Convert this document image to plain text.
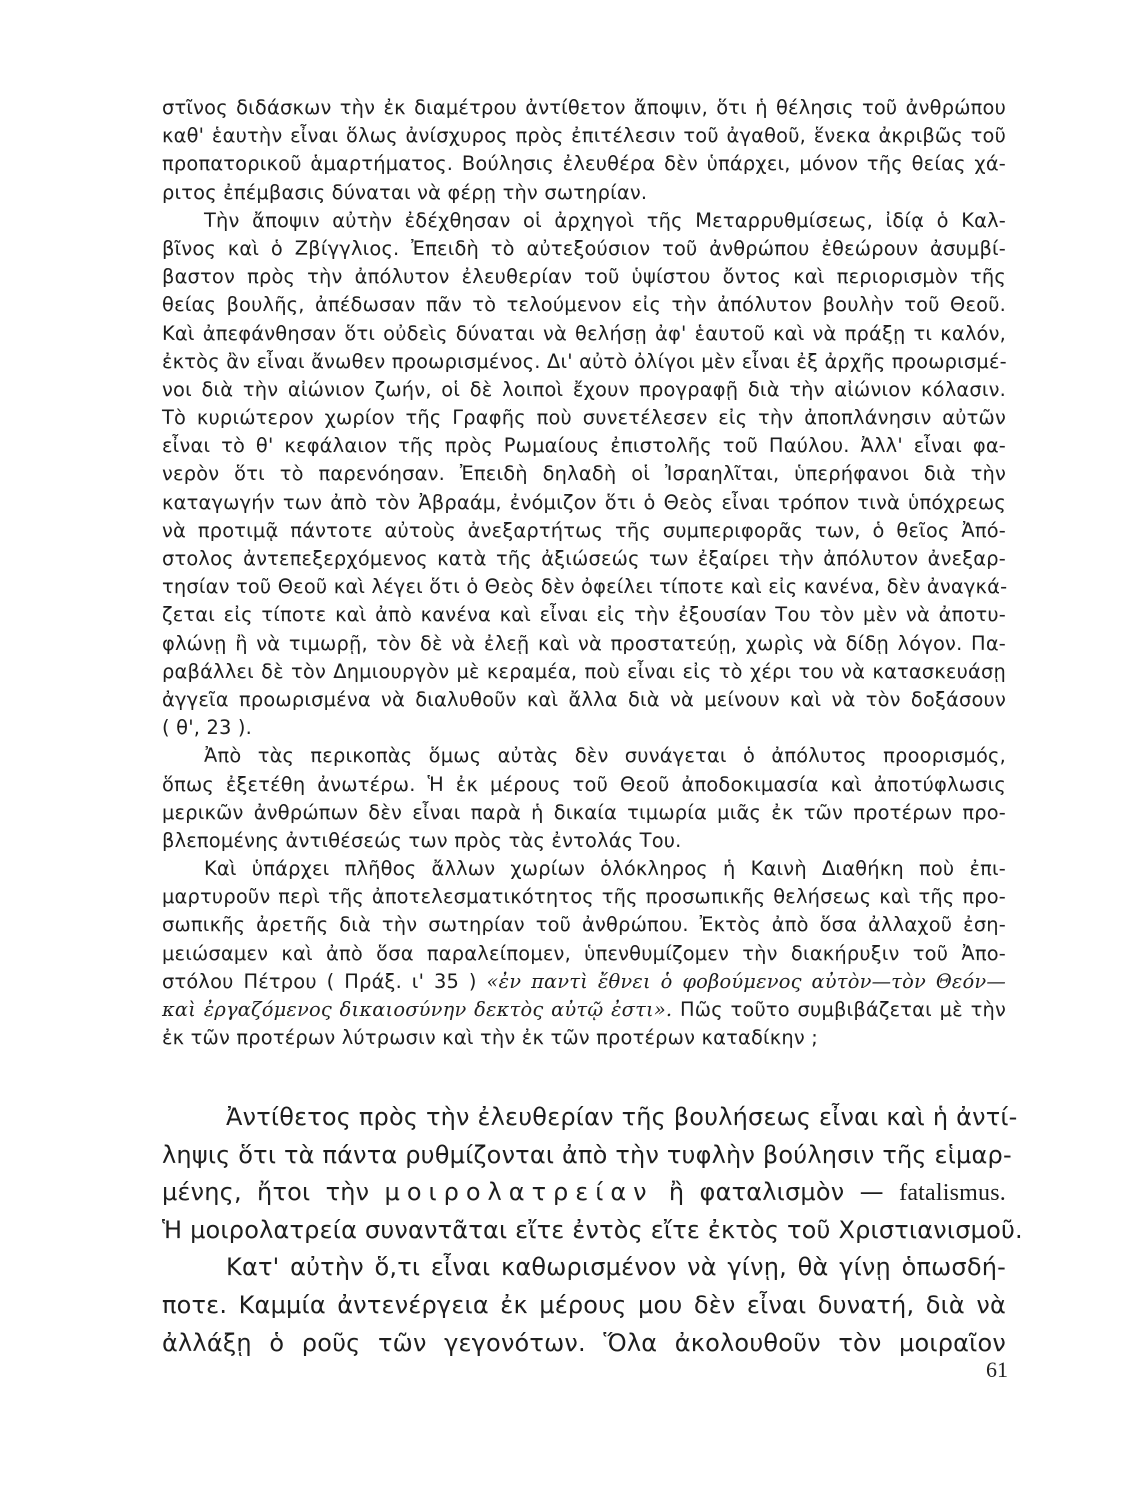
στῖνος διδάσκων τὴν ἐκ διαμέτρου ἀντίθετον ἄποψιν, ὅτι ἡ θέλησις τοῦ ἀνθρώπου
καθ' ἑαυτὴν εἶναι ὅλως ἀνίσχυρος πρὸς ἐπιτέλεσιν τοῦ ἀγαθοῦ, ἕνεκα ἀκριβῶς τοῦ
προπατορικοῦ ἁμαρτήματος. Βούλησις ἐλευθέρα δὲν ὑπάρχει, μόνον τῆς θείας χά-
ριτος ἐπέμβασις δύναται νὰ φέρῃ τὴν σωτηρίαν.
Τὴν ἄποψιν αὐτὴν ἐδέχθησαν οἱ ἀρχηγοὶ τῆς Μεταρρυθμίσεως, ἰδίᾳ ὁ Καλ-
βῖνος καὶ ὁ Ζβίγγλιος. Ἐπειδὴ τὸ αὐτεξούσιον τοῦ ἀνθρώπου ἐθεώρουν ἀσυμβί-
βαστον πρὸς τὴν ἀπόλυτον ἐλευθερίαν τοῦ ὑψίστου ὄντος καὶ περιορισμὸν τῆς
θείας βουλῆς, ἀπέδωσαν πᾶν τὸ τελούμενον εἰς τὴν ἀπόλυτον βουλὴν τοῦ Θεοῦ.
Καὶ ἀπεφάνθησαν ὅτι οὐδεὶς δύναται νὰ θελήσῃ ἀφ' ἑαυτοῦ καὶ νὰ πράξῃ τι καλόν,
ἐκτὸς ἂν εἶναι ἄνωθεν προωρισμένος. Δι' αὐτὸ ὀλίγοι μὲν εἶναι ἐξ ἀρχῆς προωρισμέ-
νοι διὰ τὴν αἰώνιον ζωήν, οἱ δὲ λοιποὶ ἔχουν προγραφῇ διὰ τὴν αἰώνιον κόλασιν.
Τὸ κυριώτερον χωρίον τῆς Γραφῆς ποὺ συνετέλεσεν εἰς τὴν ἀποπλάνησιν αὐτῶν
εἶναι τὸ θ' κεφάλαιον τῆς πρὸς Ρωμαίους ἐπιστολῆς τοῦ Παύλου. Ἀλλ' εἶναι φα-
νερὸν ὅτι τὸ παρενόησαν. Ἐπειδὴ δηλαδὴ οἱ Ἰσραηλῖται, ὑπερήφανοι διὰ τὴν
καταγωγήν των ἀπὸ τὸν Ἀβραάμ, ἐνόμιζον ὅτι ὁ Θεὸς εἶναι τρόπον τινὰ ὑπόχρεως
νὰ προτιμᾷ πάντοτε αὐτοὺς ἀνεξαρτήτως τῆς συμπεριφορᾶς των, ὁ θεῖος Ἀπό-
στολος ἀντεπεξερχόμενος κατὰ τῆς ἀξιώσεώς των ἐξαίρει τὴν ἀπόλυτον ἀνεξαρ-
τησίαν τοῦ Θεοῦ καὶ λέγει ὅτι ὁ Θεὸς δὲν ὀφείλει τίποτε καὶ εἰς κανένα, δὲν ἀναγκά-
ζεται εἰς τίποτε καὶ ἀπὸ κανένα καὶ εἶναι εἰς τὴν ἐξουσίαν Του τὸν μὲν νὰ ἀποτυ-
φλώνῃ ἢ νὰ τιμωρῇ, τὸν δὲ νὰ ἐλεῇ καὶ νὰ προστατεύῃ, χωρὶς νὰ δίδῃ λόγον. Πα-
ραβάλλει δὲ τὸν Δημιουργὸν μὲ κεραμέα, ποὺ εἶναι εἰς τὸ χέρι του νὰ κατασκευάσῃ
ἀγγεῖα προωρισμένα νὰ διαλυθοῦν καὶ ἄλλα διὰ νὰ μείνουν καὶ νὰ τὸν δοξάσουν
( θ', 23 ).
Ἀπὸ τὰς περικοπὰς ὅμως αὐτὰς δὲν συνάγεται ὁ ἀπόλυτος προορισμός,
ὅπως ἐξετέθη ἀνωτέρω. Ἡ ἐκ μέρους τοῦ Θεοῦ ἀποδοκιμασία καὶ ἀποτύφλωσις
μερικῶν ἀνθρώπων δὲν εἶναι παρὰ ἡ δικαία τιμωρία μιᾶς ἐκ τῶν προτέρων προ-
βλεπομένης ἀντιθέσεώς των πρὸς τὰς ἐντολάς Του.
Καὶ ὑπάρχει πλῆθος ἄλλων χωρίων ὁλόκληρος ἡ Καινὴ Διαθήκη ποὺ ἐπι-
μαρτυροῦν περὶ τῆς ἀποτελεσματικότητος τῆς προσωπικῆς θελήσεως καὶ τῆς προ-
σωπικῆς ἀρετῆς διὰ τὴν σωτηρίαν τοῦ ἀνθρώπου. Ἐκτὸς ἀπὸ ὅσα ἀλλαχοῦ ἐση-
μειώσαμεν καὶ ἀπὸ ὅσα παραλείπομεν, ὑπενθυμίζομεν τὴν διακήρυξιν τοῦ Ἀπο-
στόλου Πέτρου ( Πράξ. ι' 35 ) «ἐν παντὶ ἔθνει ὁ φοβούμενος αὐτὸν—τὸν Θεόν—
καὶ ἐργαζόμενος δικαιοσύνην δεκτὸς αὐτῷ ἐστι». Πῶς τοῦτο συμβιβάζεται μὲ τὴν
ἐκ τῶν προτέρων λύτρωσιν καὶ τὴν ἐκ τῶν προτέρων καταδίκην ;
Ἀντίθετος πρὸς τὴν ἐλευθερίαν τῆς βουλήσεως εἶναι καὶ ἡ ἀντί-
ληψις ὅτι τὰ πάντα ρυθμίζονται ἀπὸ τὴν τυφλὴν βούλησιν τῆς εἱμαρ-
μένης, ἤτοι τὴν μοιρολατρείαν ἢ φαταλισμὸν — fatalismus.
Ἡ μοιρολατρεία συναντᾶται εἴτε ἐντὸς εἴτε ἐκτὸς τοῦ Χριστιανισμοῦ.
Κατ' αὐτὴν ὅ,τι εἶναι καθωρισμένον νὰ γίνῃ, θὰ γίνῃ ὁπωσδή-
ποτε. Καμμία ἀντενέργεια ἐκ μέρους μου δὲν εἶναι δυνατή, διὰ νὰ
ἀλλάξῃ ὁ ροῦς τῶν γεγονότων. Ὅλα ἀκολουθοῦν τὸν μοιραῖον
61
